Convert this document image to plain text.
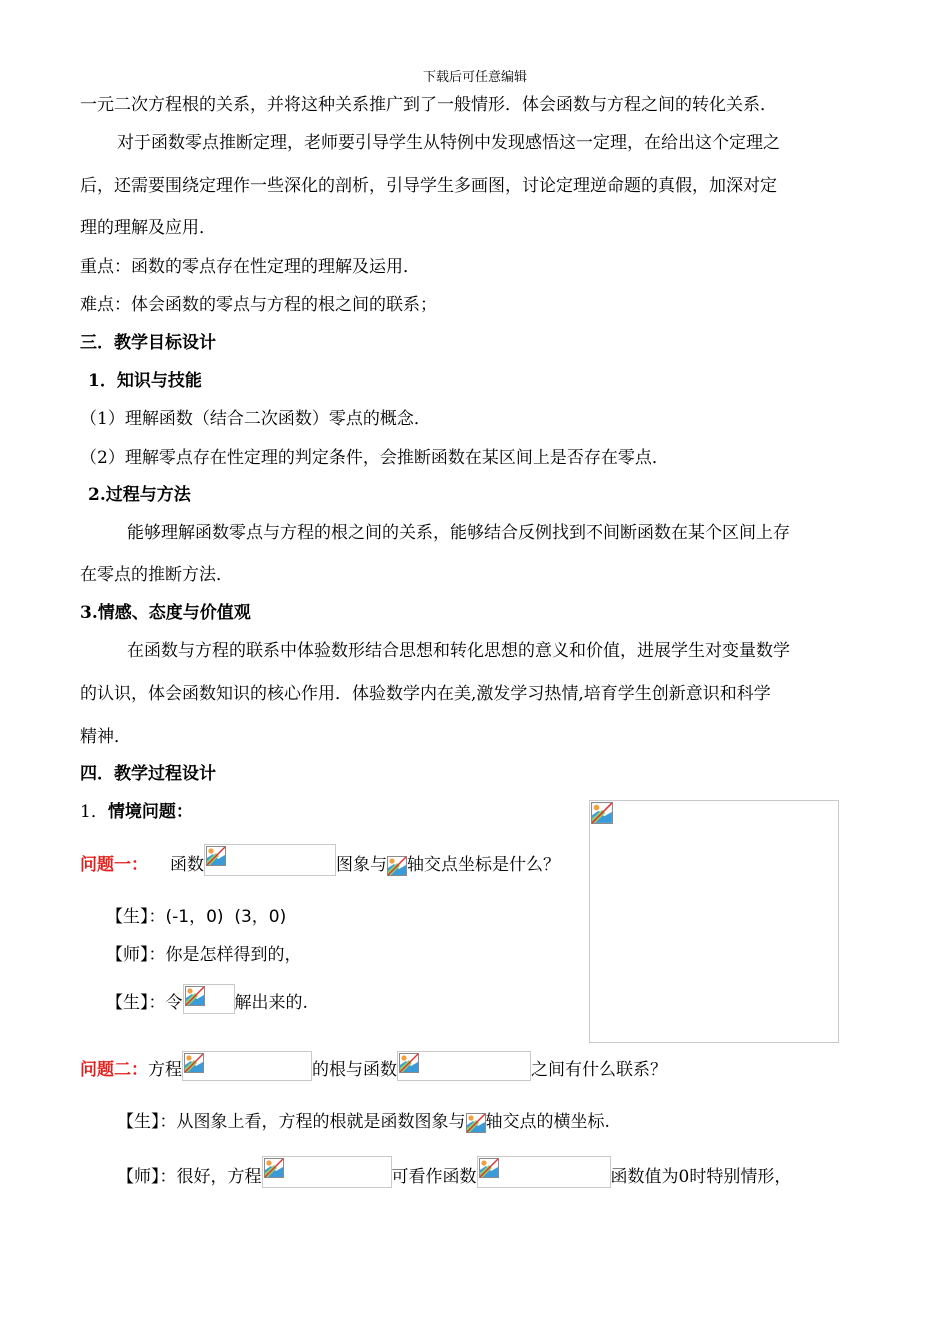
下载后可任意编辑
一元二次方程根的关系，并将这种关系推广到了一般情形．体会函数与方程之间的转化关系．
对于函数零点推断定理，老师要引导学生从特例中发现感悟这一定理，在给出这个定理之
后，还需要围绕定理作一些深化的剖析，引导学生多画图，讨论定理逆命题的真假，加深对定
理的理解及应用．
重点：函数的零点存在性定理的理解及运用．
难点：体会函数的零点与方程的根之间的联系；
三．教学目标设计
1．知识与技能
（1）理解函数（结合二次函数）零点的概念．
（2）理解零点存在性定理的判定条件，会推断函数在某区间上是否存在零点．
2.过程与方法
能够理解函数零点与方程的根之间的关系，能够结合反例找到不间断函数在某个区间上存
在零点的推断方法．
3.情感、态度与价值观
在函数与方程的联系中体验数形结合思想和转化思想的意义和价值，进展学生对变量数学
的认识，体会函数知识的核心作用．体验数学内在美,激发学习热情,培育学生创新意识和科学
精神．
四．教学过程设计
1．情境问题：
问题一： 函数	图象与 轴交点坐标是什么？
【生】：(-1，0)  (3，0)
【师】：你是怎样得到的，
【生】：令	解出来的.
问题二：方程	的根与函数	之间有什么联系？
【生】：从图象上看，方程的根就是函数图象与 轴交点的横坐标.
【师】：很好，方程	可看作函数	函数值为0时特别情形，
